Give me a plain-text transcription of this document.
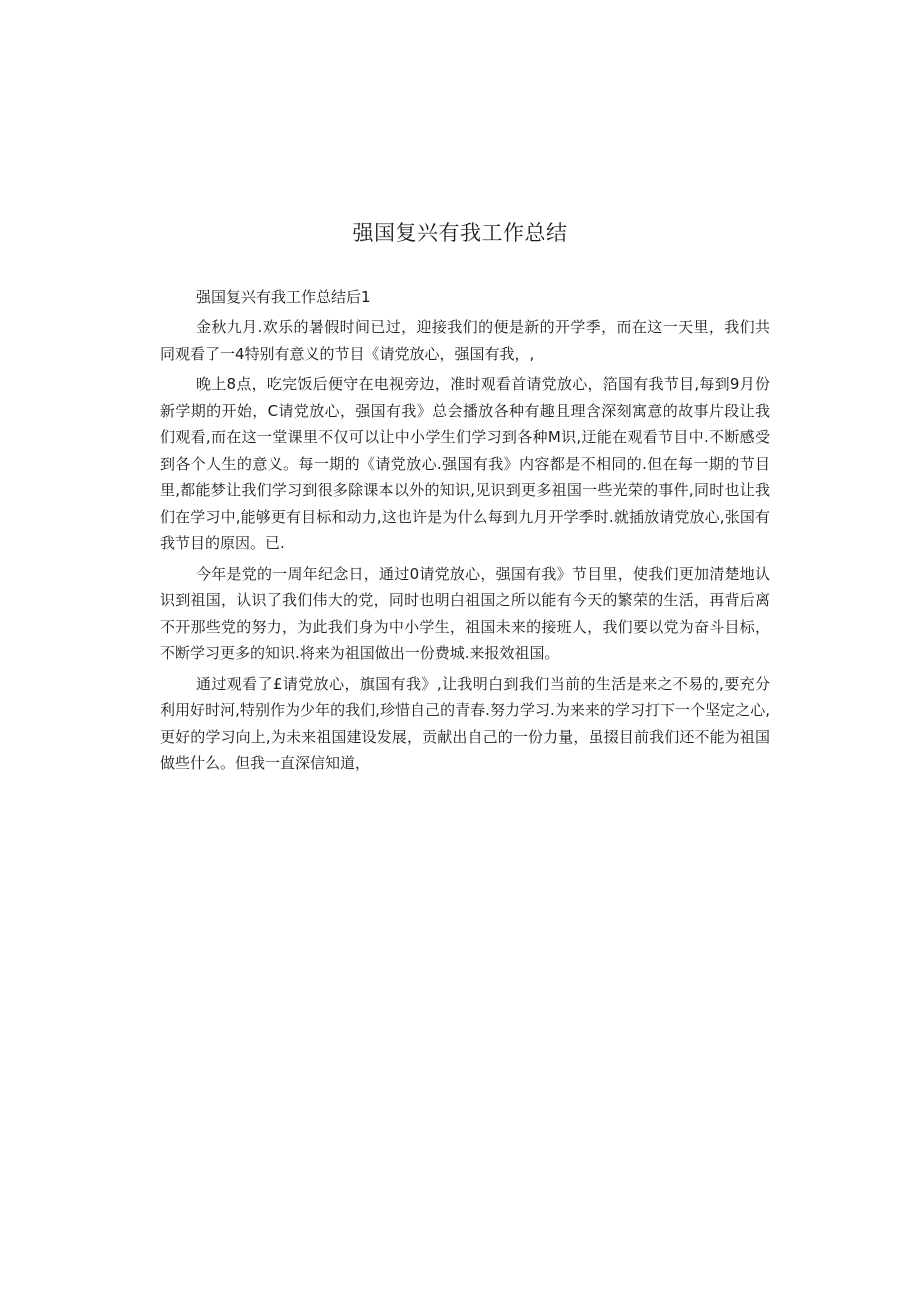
强国复兴有我工作总结

强国复兴有我工作总结后1

金秋九月.欢乐的暑假时间已过，迎接我们的便是新的开学季，而在这一天里，我们共同观看了一4特别有意义的节目《请党放心，强国有我，,

晚上8点，吃完饭后便守在电视旁边，准时观看首请党放心，箔国有我节目,每到9月份新学期的开始，C请党放心，强国有我》总会播放各种有趣且理含深刻寓意的故事片段让我们观看,而在这一堂课里不仅可以让中小学生们学习到各种M识,迂能在观看节目中.不断感受到各个人生的意义。每一期的《请党放心.强国有我》内容都是不相同的.但在每一期的节目里,都能梦让我们学习到很多除课本以外的知识,见识到更多祖国一些光荣的事件,同时也让我们在学习中,能够更有目标和动力,这也许是为什么每到九月开学季时.就插放请党放心,张国有我节目的原因。已.

今年是党的一周年纪念日，通过0请党放心，强国有我》节目里，使我们更加清楚地认识到祖国，认识了我们伟大的党，同时也明白祖国之所以能有今天的繁荣的生活，再背后离不开那些党的努力，为此我们身为中小学生，祖国未来的接班人，我们要以党为奋斗目标，不断学习更多的知识.将来为祖国做出一份费城.来报效祖国。

通过观看了£请党放心，旗国有我》,让我明白到我们当前的生活是来之不易的,要充分利用好时河,特别作为少年的我们,珍惜自己的青春.努力学习.为来来的学习打下一个坚定之心,更好的学习向上,为未来祖国建设发展，贡献出自己的一份力量，虽掇目前我们还不能为祖国做些什么。但我一直深信知道，
